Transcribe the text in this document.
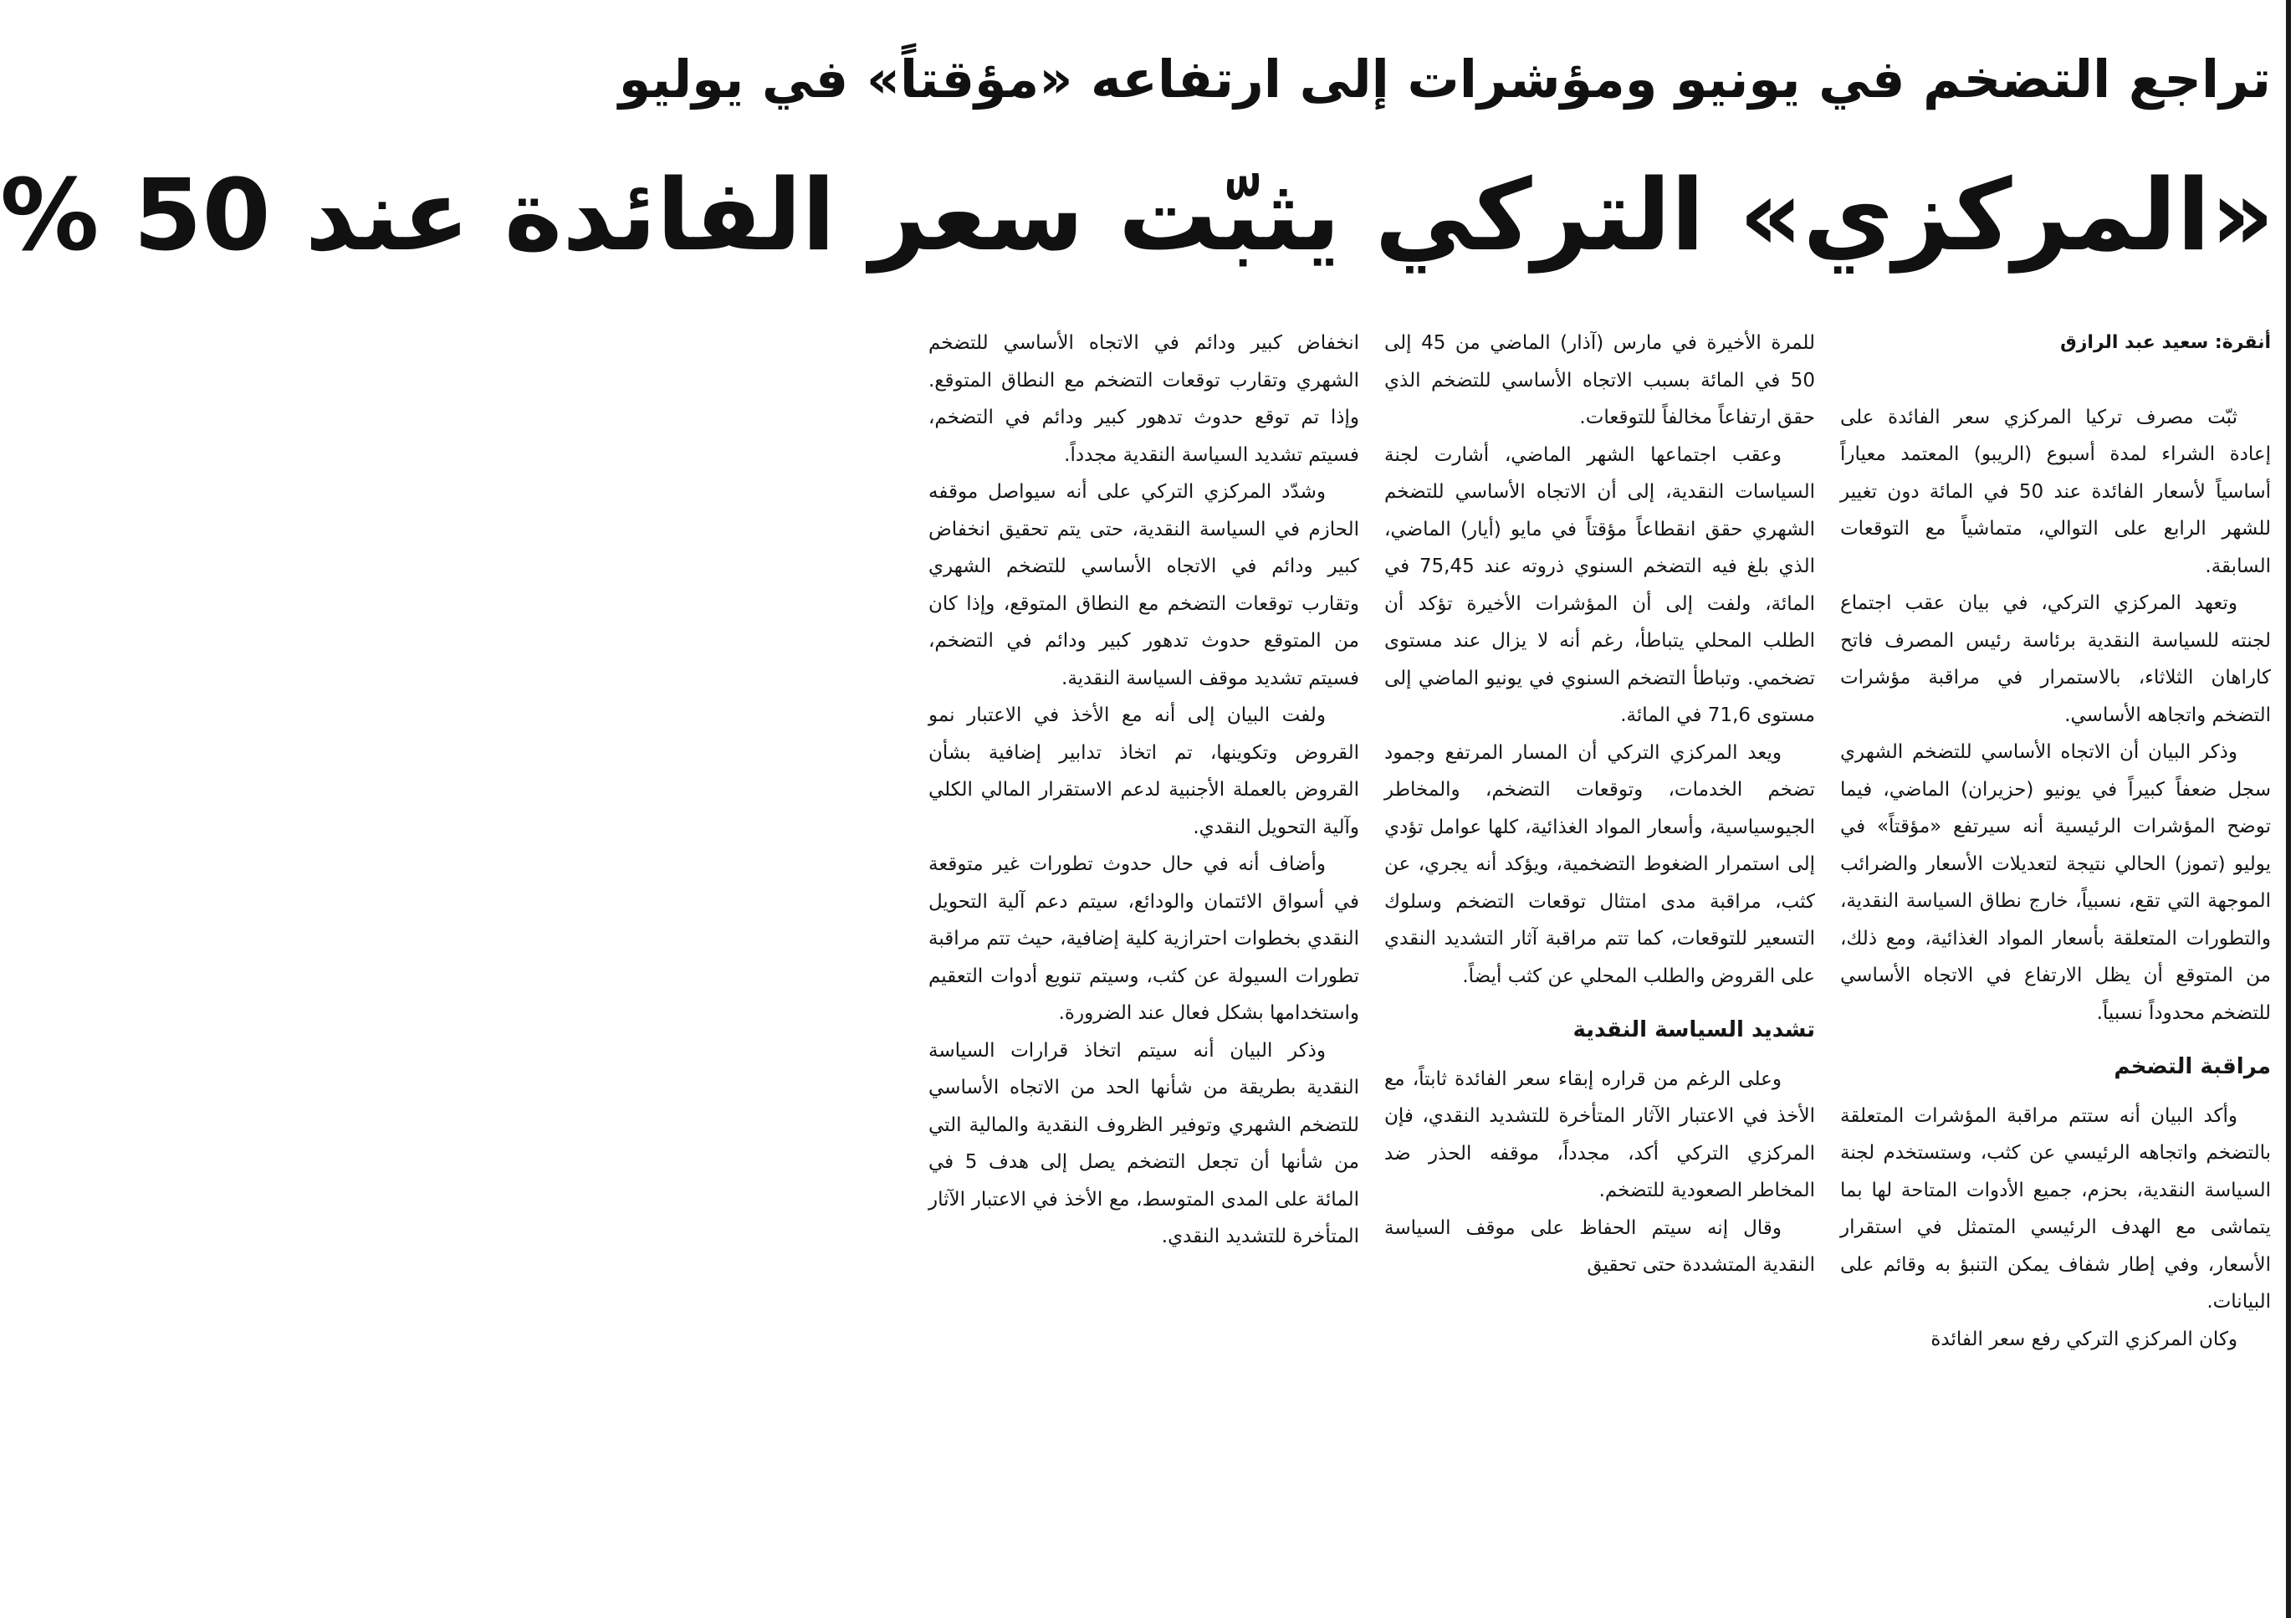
تراجع التضخم في يونيو ومؤشرات إلى ارتفاعه «مؤقتاً» في يوليو
«المركزي» التركي يثبّت سعر الفائدة عند 50 %

أنقرة: سعيد عبد الرازق

ثبّت مصرف تركيا المركزي سعر الفائدة على إعادة الشراء لمدة أسبوع (الريبو) المعتمد معياراً أساسياً لأسعار الفائدة عند 50 في المائة دون تغيير للشهر الرابع على التوالي، متماشياً مع التوقعات السابقة.

وتعهد المركزي التركي، في بيان عقب اجتماع لجنته للسياسة النقدية برئاسة رئيس المصرف فاتح كاراهان الثلاثاء، بالاستمرار في مراقبة مؤشرات التضخم واتجاهه الأساسي.

وذكر البيان أن الاتجاه الأساسي للتضخم الشهري سجل ضعفاً كبيراً في يونيو (حزيران) الماضي، فيما توضح المؤشرات الرئيسية أنه سيرتفع «مؤقتاً» في يوليو (تموز) الحالي نتيجة لتعديلات الأسعار والضرائب الموجهة التي تقع، نسبياً، خارج نطاق السياسة النقدية، والتطورات المتعلقة بأسعار المواد الغذائية، ومع ذلك، من المتوقع أن يظل الارتفاع في الاتجاه الأساسي للتضخم محدوداً نسبياً.

مراقبة التضخم

وأكد البيان أنه ستتم مراقبة المؤشرات المتعلقة بالتضخم واتجاهه الرئيسي عن كثب، وستستخدم لجنة السياسة النقدية، بحزم، جميع الأدوات المتاحة لها بما يتماشى مع الهدف الرئيسي المتمثل في استقرار الأسعار، وفي إطار شفاف يمكن التنبؤ به وقائم على البيانات.

وكان المركزي التركي رفع سعر الفائدة

للمرة الأخيرة في مارس (آذار) الماضي من 45 إلى 50 في المائة بسبب الاتجاه الأساسي للتضخم الذي حقق ارتفاعاً مخالفاً للتوقعات.

وعقب اجتماعها الشهر الماضي، أشارت لجنة السياسات النقدية، إلى أن الاتجاه الأساسي للتضخم الشهري حقق انقطاعاً مؤقتاً في مايو (أيار) الماضي، الذي بلغ فيه التضخم السنوي ذروته عند 75,45 في المائة، ولفت إلى أن المؤشرات الأخيرة تؤكد أن الطلب المحلي يتباطأ، رغم أنه لا يزال عند مستوى تضخمي. وتباطأ التضخم السنوي في يونيو الماضي إلى مستوى 71,6 في المائة.

ويعد المركزي التركي أن المسار المرتفع وجمود تضخم الخدمات، وتوقعات التضخم، والمخاطر الجيوسياسية، وأسعار المواد الغذائية، كلها عوامل تؤدي إلى استمرار الضغوط التضخمية، ويؤكد أنه يجري، عن كثب، مراقبة مدى امتثال توقعات التضخم وسلوك التسعير للتوقعات، كما تتم مراقبة آثار التشديد النقدي على القروض والطلب المحلي عن كثب أيضاً.

تشديد السياسة النقدية

وعلى الرغم من قراره إبقاء سعر الفائدة ثابتاً، مع الأخذ في الاعتبار الآثار المتأخرة للتشديد النقدي، فإن المركزي التركي أكد، مجدداً، موقفه الحذر ضد المخاطر الصعودية للتضخم.

وقال إنه سيتم الحفاظ على موقف السياسة النقدية المتشددة حتى تحقيق

انخفاض كبير ودائم في الاتجاه الأساسي للتضخم الشهري وتقارب توقعات التضخم مع النطاق المتوقع. وإذا تم توقع حدوث تدهور كبير ودائم في التضخم، فسيتم تشديد السياسة النقدية مجدداً.

وشدّد المركزي التركي على أنه سيواصل موقفه الحازم في السياسة النقدية، حتى يتم تحقيق انخفاض كبير ودائم في الاتجاه الأساسي للتضخم الشهري وتقارب توقعات التضخم مع النطاق المتوقع، وإذا كان من المتوقع حدوث تدهور كبير ودائم في التضخم، فسيتم تشديد موقف السياسة النقدية.

ولفت البيان إلى أنه مع الأخذ في الاعتبار نمو القروض وتكوينها، تم اتخاذ تدابير إضافية بشأن القروض بالعملة الأجنبية لدعم الاستقرار المالي الكلي وآلية التحويل النقدي.

وأضاف أنه في حال حدوث تطورات غير متوقعة في أسواق الائتمان والودائع، سيتم دعم آلية التحويل النقدي بخطوات احترازية كلية إضافية، حيث تتم مراقبة تطورات السيولة عن كثب، وسيتم تنويع أدوات التعقيم واستخدامها بشكل فعال عند الضرورة.

وذكر البيان أنه سيتم اتخاذ قرارات السياسة النقدية بطريقة من شأنها الحد من الاتجاه الأساسي للتضخم الشهري وتوفير الظروف النقدية والمالية التي من شأنها أن تجعل التضخم يصل إلى هدف 5 في المائة على المدى المتوسط، مع الأخذ في الاعتبار الآثار المتأخرة للتشديد النقدي.
